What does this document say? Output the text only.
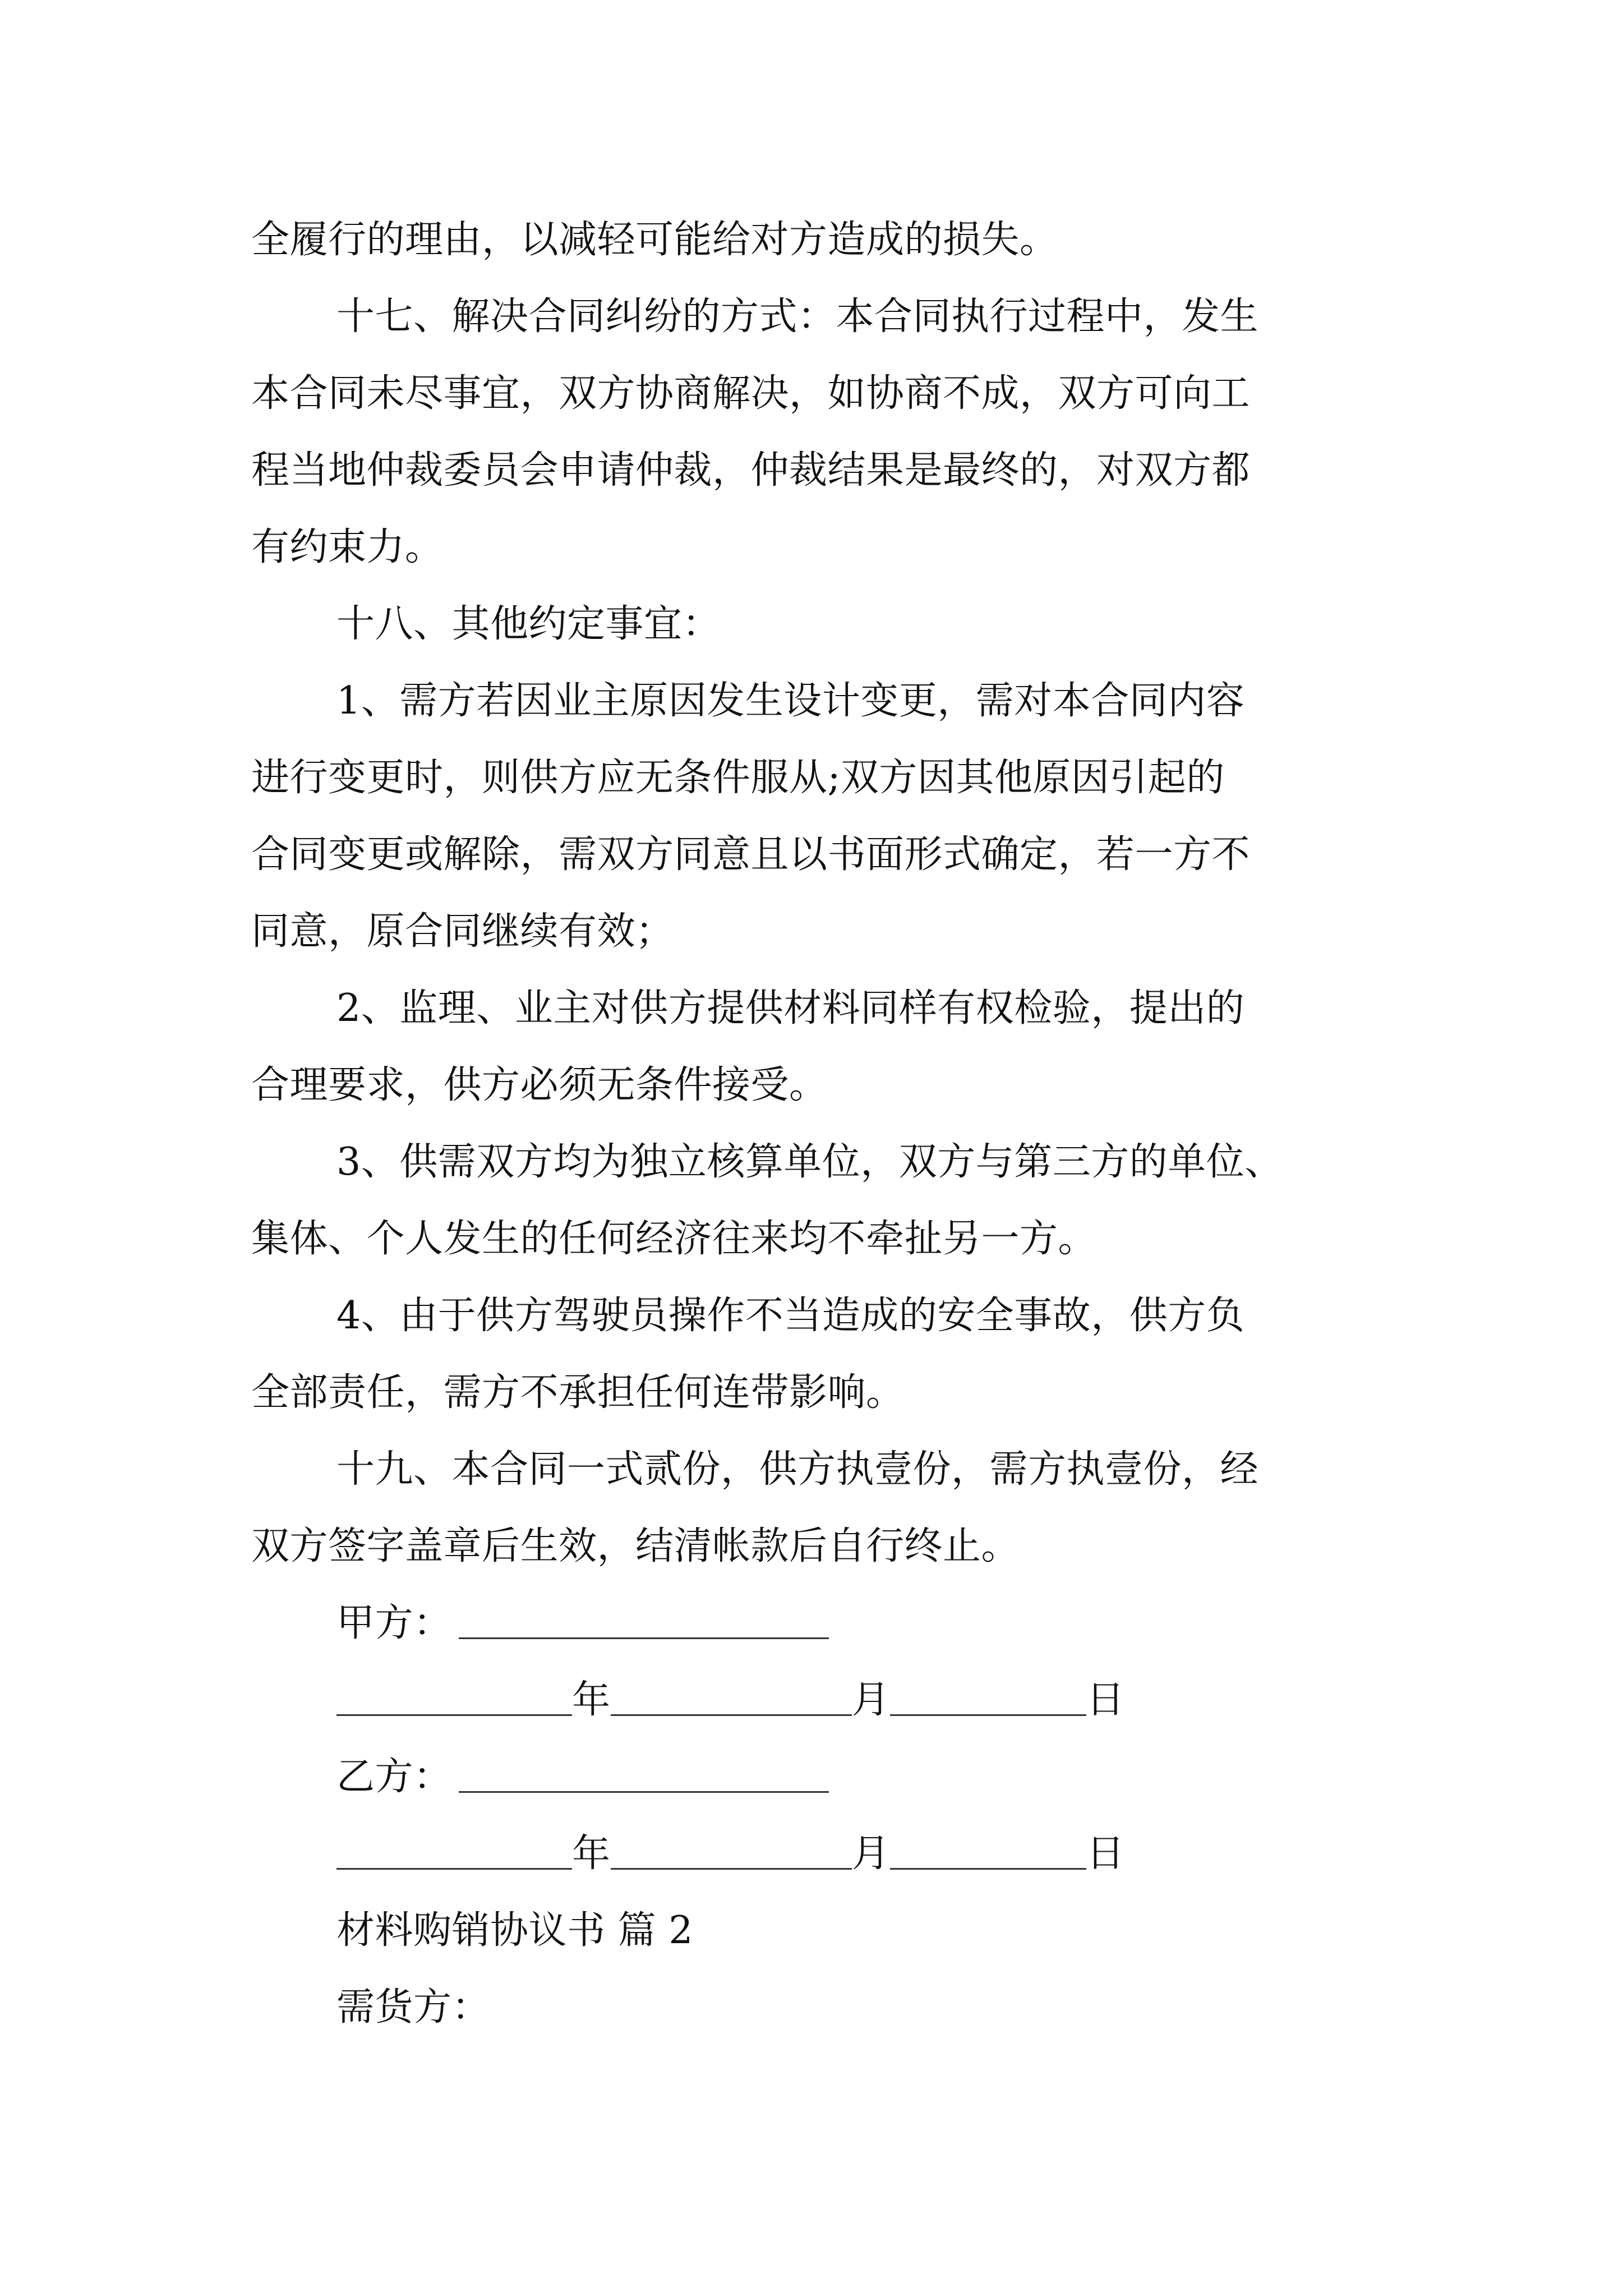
全履行的理由，以减轻可能给对方造成的损失。
十七、解决合同纠纷的方式：本合同执行过程中，发生
本合同未尽事宜，双方协商解决，如协商不成，双方可向工
程当地仲裁委员会申请仲裁，仲裁结果是最终的，对双方都
有约束力。
十八、其他约定事宜：
1、需方若因业主原因发生设计变更，需对本合同内容
进行变更时，则供方应无条件服从;双方因其他原因引起的
合同变更或解除，需双方同意且以书面形式确定，若一方不
同意，原合同继续有效；
2、监理、业主对供方提供材料同样有权检验，提出的
合理要求，供方必须无条件接受。
3、供需双方均为独立核算单位，双方与第三方的单位、
集体、个人发生的任何经济往来均不牵扯另一方。
4、由于供方驾驶员操作不当造成的安全事故，供方负
全部责任，需方不承担任何连带影响。
十九、本合同一式贰份，供方执壹份，需方执壹份，经
双方签字盖章后生效，结清帐款后自行终止。
甲方：
年	月	日
乙方：
年	月	日
材料购销协议书 篇 2
需货方：
